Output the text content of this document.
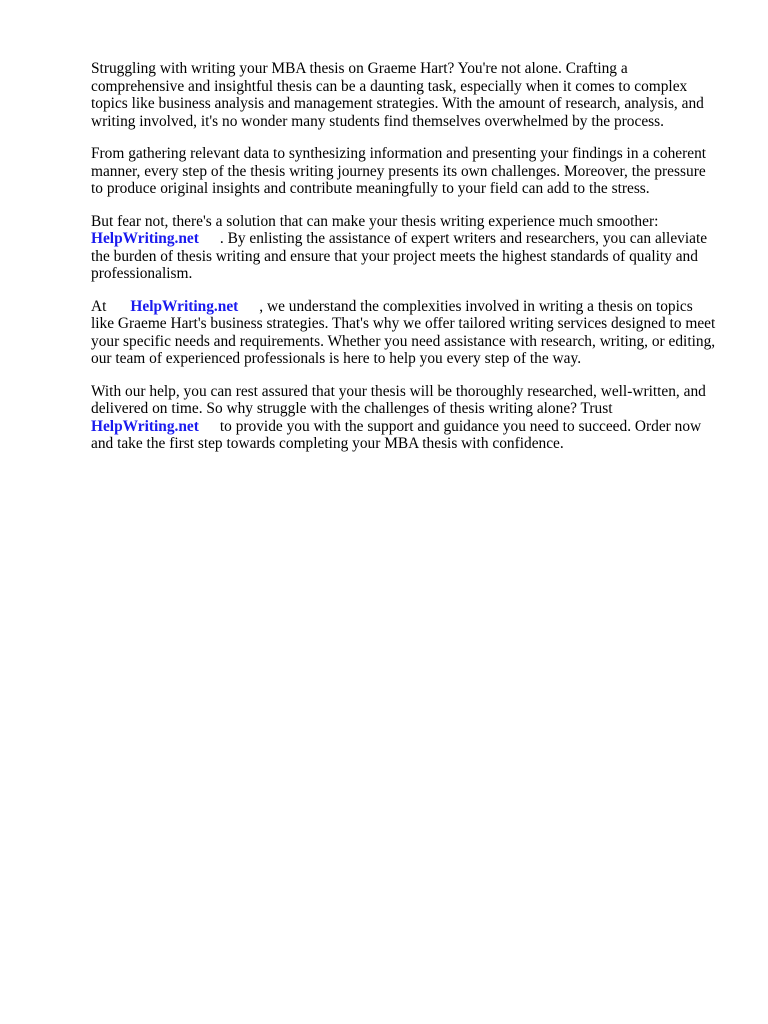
Struggling with writing your MBA thesis on Graeme Hart? You're not alone. Crafting a
comprehensive and insightful thesis can be a daunting task, especially when it comes to complex
topics like business analysis and management strategies. With the amount of research, analysis, and
writing involved, it's no wonder many students find themselves overwhelmed by the process.

From gathering relevant data to synthesizing information and presenting your findings in a coherent
manner, every step of the thesis writing journey presents its own challenges. Moreover, the pressure
to produce original insights and contribute meaningfully to your field can add to the stress.

But fear not, there's a solution that can make your thesis writing experience much smoother:
HelpWriting.net . By enlisting the assistance of expert writers and researchers, you can alleviate
the burden of thesis writing and ensure that your project meets the highest standards of quality and
professionalism.

At HelpWriting.net , we understand the complexities involved in writing a thesis on topics
like Graeme Hart's business strategies. That's why we offer tailored writing services designed to meet
your specific needs and requirements. Whether you need assistance with research, writing, or editing,
our team of experienced professionals is here to help you every step of the way.

With our help, you can rest assured that your thesis will be thoroughly researched, well-written, and
delivered on time. So why struggle with the challenges of thesis writing alone? Trust
HelpWriting.net to provide you with the support and guidance you need to succeed. Order now
and take the first step towards completing your MBA thesis with confidence.
